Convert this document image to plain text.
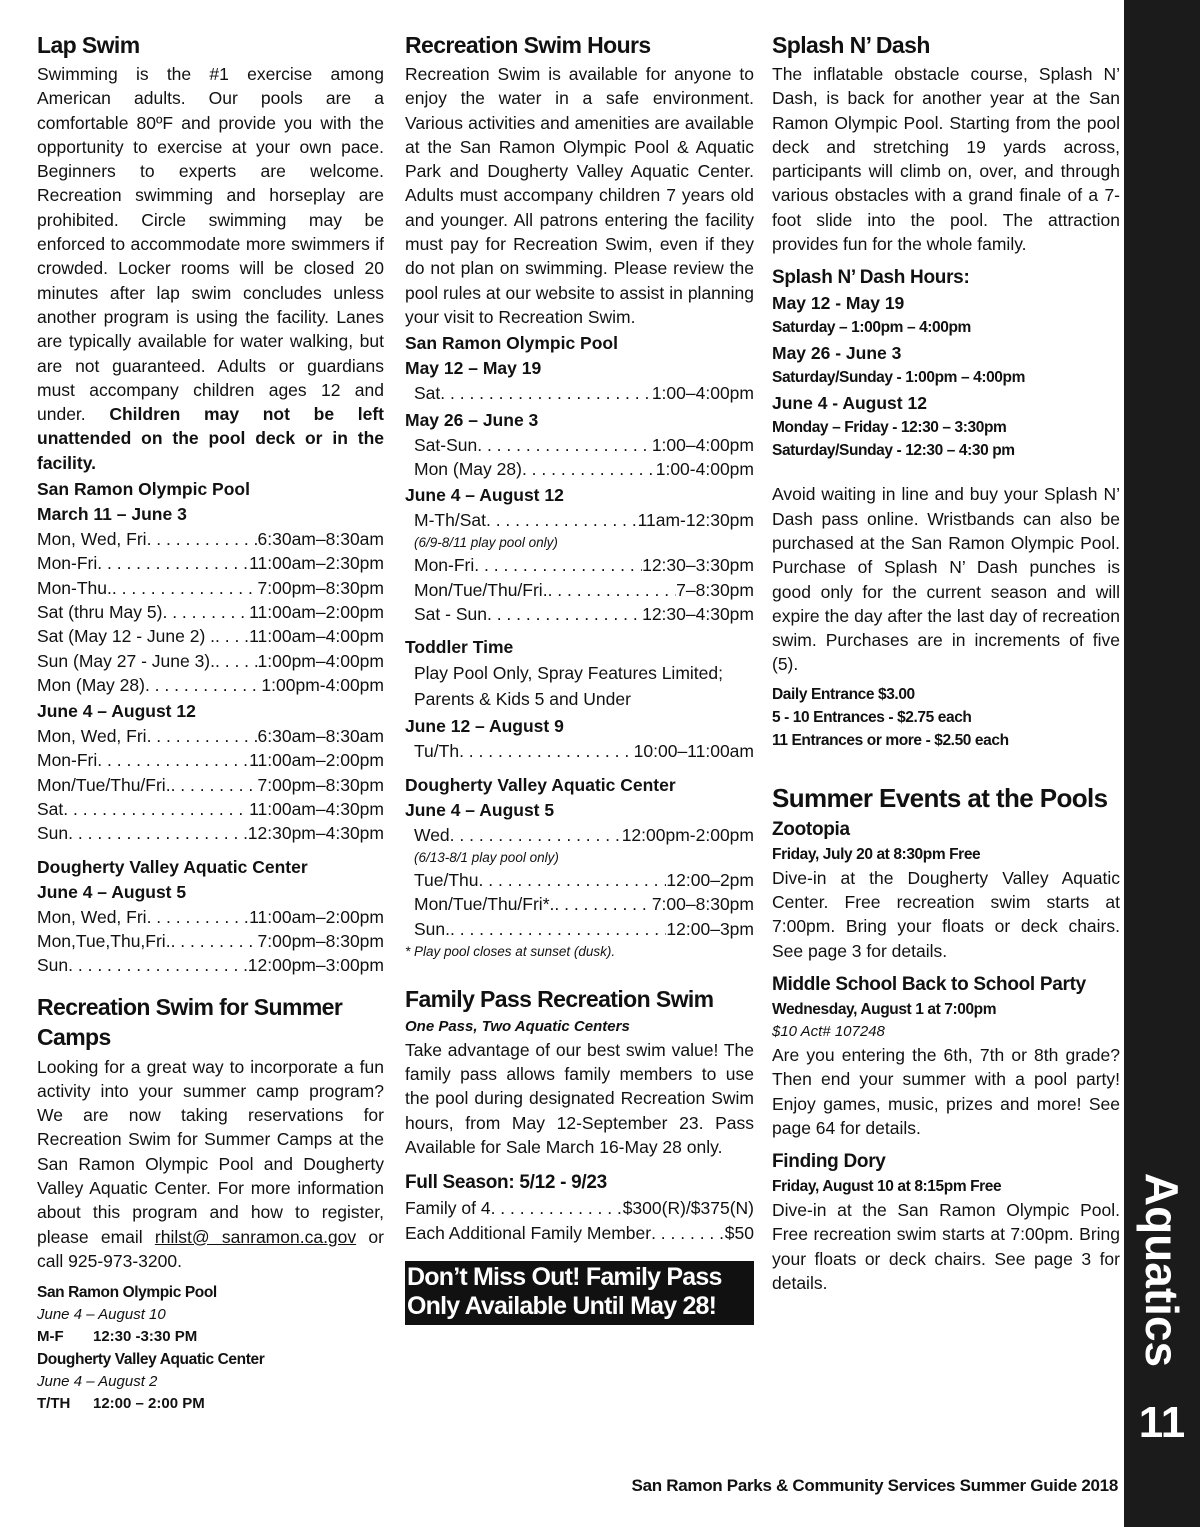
Aquatics
11
San Ramon Parks & Community Services Summer Guide 2018
Lap Swim

Swimming is the #1 exercise among American adults. Our pools are a comfortable 80ºF and provide you with the opportunity to exercise at your own pace. Beginners to experts are welcome. Recreation swimming and horseplay are prohibited. Circle swimming may be enforced to accommodate more swimmers if crowded. Locker rooms will be closed 20 minutes after lap swim concludes unless another program is using the facility. Lanes are typically available for water walking, but are not guaranteed. Adults or guardians must accompany children ages 12 and under. Children may not be left unattended on the pool deck or in the facility.

San Ramon Olympic Pool
March 11 – June 3
Mon, Wed, Fri . . .	6:30am–8:30am
Mon-Fri . . .	11:00am–2:30pm
Mon-Thu. . . .	7:00pm–8:30pm
Sat (thru May 5) . . .	11:00am–2:00pm
Sat (May 12 - June 2) . . . . 11:00am–4:00pm
Sun (May 27 - June 3). . . . 1:00pm–4:00pm
Mon (May 28) . . .	1:00pm-4:00pm
June 4 – August 12
Mon, Wed, Fri . . .	6:30am–8:30am
Mon-Fri . . .	11:00am–2:00pm
Mon/Tue/Thu/Fri. . . .	7:00pm–8:30pm
Sat . . .	11:00am–4:30pm
Sun . . .	12:30pm–4:30pm
Dougherty Valley Aquatic Center
June 4 – August 5
Mon, Wed, Fri . . .	11:00am–2:00pm
Mon,Tue,Thu,Fri. . . .	7:00pm–8:30pm
Sun . . .	12:00pm–3:00pm
Recreation Swim for Summer Camps

Looking for a great way to incorporate a fun activity into your summer camp program? We are now taking reservations for Recreation Swim for Summer Camps at the San Ramon Olympic Pool and Dougherty Valley Aquatic Center. For more information about this program and how to register, please email rhilst@ sanramon.ca.gov or call 925-973-3200.

San Ramon Olympic Pool
June 4 – August 10
M-F	12:30 -3:30 PM
Dougherty Valley Aquatic Center
June 4 – August 2
T/TH	12:00 – 2:00 PM
Recreation Swim Hours

Recreation Swim is available for anyone to enjoy the water in a safe environment. Various activities and amenities are available at the San Ramon Olympic Pool & Aquatic Park and Dougherty Valley Aquatic Center. Adults must accompany children 7 years old and younger. All patrons entering the facility must pay for Recreation Swim, even if they do not plan on swimming. Please review the pool rules at our website to assist in planning your visit to Recreation Swim.

San Ramon Olympic Pool
May 12 – May 19
Sat . . .	1:00–4:00pm
May 26 – June 3
Sat-Sun . . .	1:00–4:00pm
Mon (May 28) . . .	1:00-4:00pm
June 4 – August 12
M-Th/Sat . . .	11am-12:30pm
(6/9-8/11 play pool only)
Mon-Fri . . .	12:30–3:30pm
Mon/Tue/Thu/Fri. . . .	7–8:30pm
Sat - Sun . . .	12:30–4:30pm
Toddler Time
Play Pool Only, Spray Features Limited;
Parents & Kids 5 and Under
June 12 – August 9
Tu/Th . . .	10:00–11:00am
Dougherty Valley Aquatic Center
June 4 – August 5
Wed . . .	12:00pm-2:00pm
(6/13-8/1 play pool only)
Tue/Thu . . .	12:00–2pm
Mon/Tue/Thu/Fri*. . . .	7:00–8:30pm
Sun. . . .	12:00–3pm
* Play pool closes at sunset (dusk).
Family Pass Recreation Swim
One Pass, Two Aquatic Centers

Take advantage of our best swim value! The family pass allows family members to use the pool during designated Recreation Swim hours, from May 12-September 23. Pass Available for Sale March 16-May 28 only.

Full Season: 5/12 - 9/23
Family of 4 . . .	$300(R)/$375(N)
Each Additional Family Member . . .	$50
Don’t Miss Out! Family Pass
Only Available Until May 28!
Splash N’ Dash

The inflatable obstacle course, Splash N’ Dash, is back for another year at the San Ramon Olympic Pool. Starting from the pool deck and stretching 19 yards across, participants will climb on, over, and through various obstacles with a grand finale of a 7-foot slide into the pool. The attraction provides fun for the whole family.

Splash N’ Dash Hours:
May 12 - May 19
Saturday – 1:00pm – 4:00pm
May 26 - June 3
Saturday/Sunday - 1:00pm – 4:00pm
June 4 - August 12
Monday – Friday - 12:30 – 3:30pm
Saturday/Sunday - 12:30 – 4:30 pm

Avoid waiting in line and buy your Splash N’ Dash pass online. Wristbands can also be purchased at the San Ramon Olympic Pool. Purchase of Splash N’ Dash punches is good only for the current season and will expire the day after the last day of recreation swim. Purchases are in increments of five (5).

Daily Entrance $3.00
5 - 10 Entrances - $2.75 each
11 Entrances or more - $2.50 each
Summer Events at the Pools
Zootopia
Friday, July 20 at 8:30pm Free

Dive-in at the Dougherty Valley Aquatic Center. Free recreation swim starts at 7:00pm. Bring your floats or deck chairs. See page 3 for details.

Middle School Back to School Party
Wednesday, August 1 at 7:00pm
$10 Act# 107248

Are you entering the 6th, 7th or 8th grade? Then end your summer with a pool party! Enjoy games, music, prizes and more! See page 64 for details.

Finding Dory
Friday, August 10 at 8:15pm Free

Dive-in at the San Ramon Olympic Pool. Free recreation swim starts at 7:00pm. Bring your floats or deck chairs. See page 3 for details.
